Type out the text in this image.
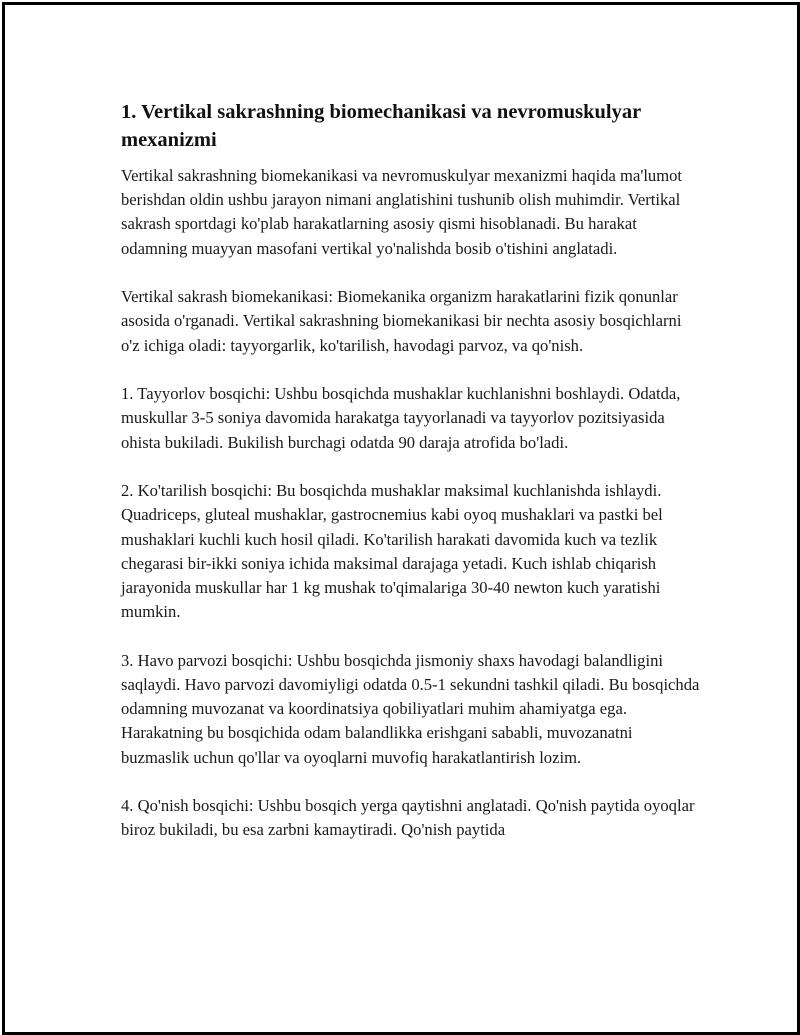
1. Vertikal sakrashning biomechanikasi va nevromuskulyar mexanizmi

Vertikal sakrashning biomekanikasi va nevromuskulyar mexanizmi haqida ma'lumot berishdan oldin ushbu jarayon nimani anglatishini tushunib olish muhimdir. Vertikal sakrash sportdagi ko'plab harakatlarning asosiy qismi hisoblanadi. Bu harakat odamning muayyan masofani vertikal yo'nalishda bosib o'tishini anglatadi.

Vertikal sakrash biomekanikasi: Biomekanika organizm harakatlarini fizik qonunlar asosida o'rganadi. Vertikal sakrashning biomekanikasi bir nechta asosiy bosqichlarni o'z ichiga oladi: tayyorgarlik, ko'tarilish, havodagi parvoz, va qo'nish.

1. Tayyorlov bosqichi: Ushbu bosqichda mushaklar kuchlanishni boshlaydi. Odatda, muskullar 3-5 soniya davomida harakatga tayyorlanadi va tayyorlov pozitsiyasida ohista bukiladi. Bukilish burchagi odatda 90 daraja atrofida bo'ladi.

2. Ko'tarilish bosqichi: Bu bosqichda mushaklar maksimal kuchlanishda ishlaydi. Quadriceps, gluteal mushaklar, gastrocnemius kabi oyoq mushaklari va pastki bel mushaklari kuchli kuch hosil qiladi. Ko'tarilish harakati davomida kuch va tezlik chegarasi bir-ikki soniya ichida maksimal darajaga yetadi. Kuch ishlab chiqarish jarayonida muskullar har 1 kg mushak to'qimalariga 30-40 newton kuch yaratishi mumkin.

3. Havo parvozi bosqichi: Ushbu bosqichda jismoniy shaxs havodagi balandligini saqlaydi. Havo parvozi davomiyligi odatda 0.5-1 sekundni tashkil qiladi. Bu bosqichda odamning muvozanat va koordinatsiya qobiliyatlari muhim ahamiyatga ega. Harakatning bu bosqichida odam balandlikka erishgani sababli, muvozanatni buzmaslik uchun qo'llar va oyoqlarni muvofiq harakatlantirish lozim.

4. Qo'nish bosqichi: Ushbu bosqich yerga qaytishni anglatadi. Qo'nish paytida oyoqlar biroz bukiladi, bu esa zarbni kamaytiradi. Qo'nish paytida
